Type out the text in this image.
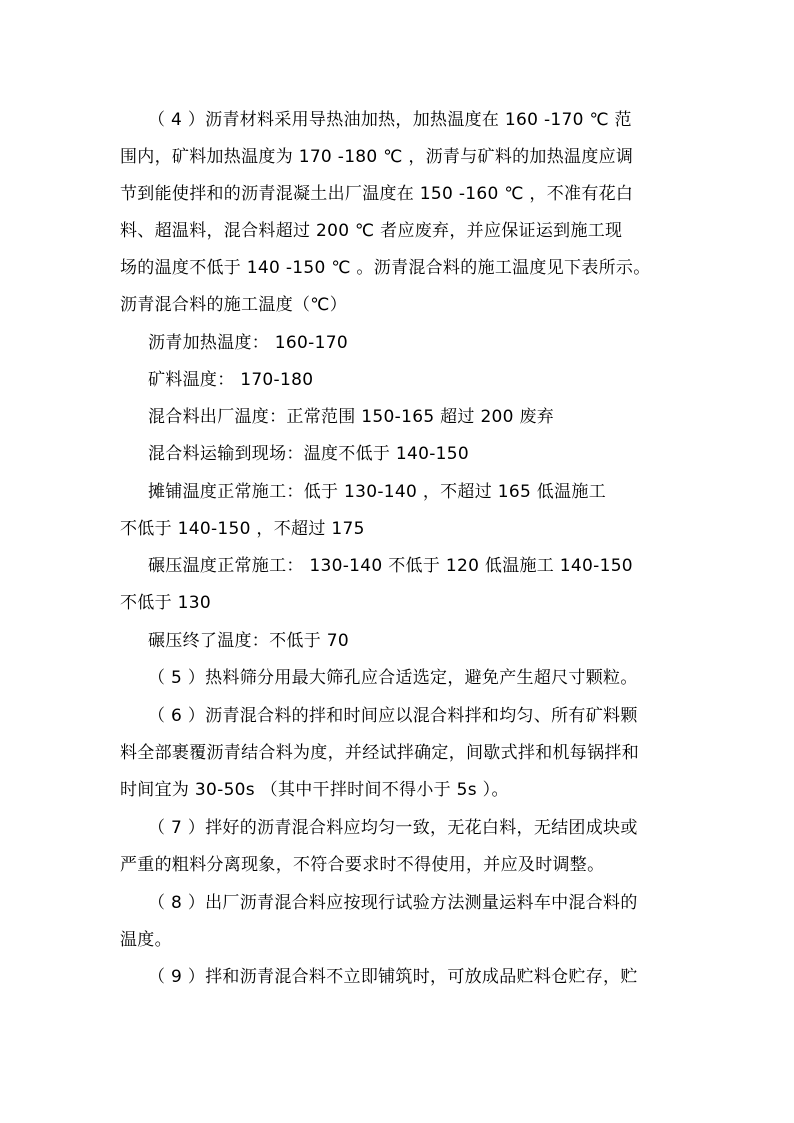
（ 4 ）沥青材料采用导热油加热，加热温度在 160 -170 ℃ 范
围内，矿料加热温度为 170 -180 ℃ ，沥青与矿料的加热温度应调
节到能使拌和的沥青混凝土出厂温度在 150 -160 ℃ ，不准有花白
料、超温料，混合料超过 200 ℃ 者应废弃，并应保证运到施工现
场的温度不低于 140 -150 ℃ 。沥青混合料的施工温度见下表所示。
沥青混合料的施工温度（℃）
沥青加热温度： 160-170
矿料温度： 170-180
混合料出厂温度：正常范围 150-165 超过 200 废弃
混合料运输到现场：温度不低于 140-150
摊铺温度正常施工：低于 130-140 ，不超过 165 低温施工
不低于 140-150 ，不超过 175
碾压温度正常施工： 130-140 不低于 120 低温施工 140-150
不低于 130
碾压终了温度：不低于 70
（ 5 ）热料筛分用最大筛孔应合适选定，避免产生超尺寸颗粒。
（ 6 ）沥青混合料的拌和时间应以混合料拌和均匀、所有矿料颗
料全部裹覆沥青结合料为度，并经试拌确定，间歇式拌和机每锅拌和
时间宜为 30-50s （其中干拌时间不得小于 5s ）。
（ 7 ）拌好的沥青混合料应均匀一致，无花白料，无结团成块或
严重的粗料分离现象，不符合要求时不得使用，并应及时调整。
（ 8 ）出厂沥青混合料应按现行试验方法测量运料车中混合料的
温度。
（ 9 ）拌和沥青混合料不立即铺筑时，可放成品贮料仓贮存，贮
